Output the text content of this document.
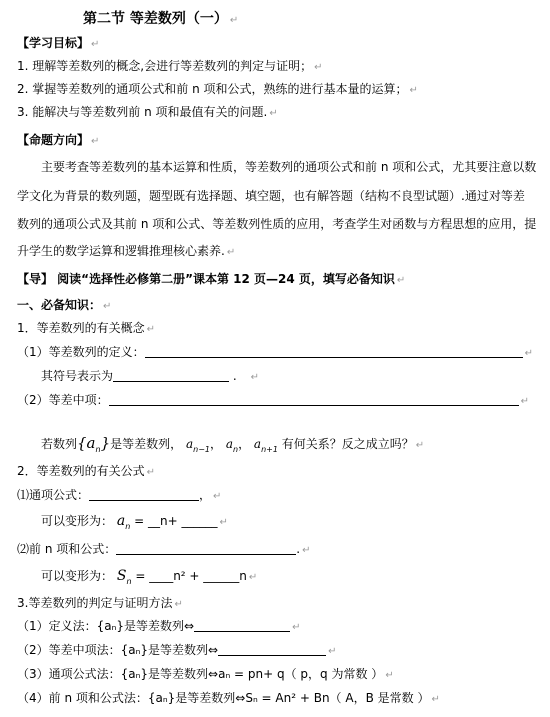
第二节 等差数列（一） ↵
【学习目标】 ↵
1. 理解等差数列的概念,会进行等差数列的判定与证明； ↵
2. 掌握等差数列的通项公式和前 n 项和公式，熟练的进行基本量的运算； ↵
3. 能解决与等差数列前 n 项和最值有关的问题. ↵
【命题方向】 ↵
主要考查等差数列的基本运算和性质，等差数列的通项公式和前 n 项和公式，尤其要注意以数
学文化为背景的数列题，题型既有选择题、填空题，也有解答题（结构不良型试题）.通过对等差
数列的通项公式及其前 n 项和公式、等差数列性质的应用，考查学生对函数与方程思想的应用，提
升学生的数学运算和逻辑推理核心素养. ↵
【导】 阅读“选择性必修第二册”课本第 12 页—24 页，填写必备知识 ↵
一、必备知识： ↵
1．等差数列的有关概念 ↵
（1）等差数列的定义：	↵
其符号表示为	. ↵
（2）等差中项：	↵
若数列$\{a_n\}$是等差数列， $a_{n-1}$， $a_n$， $a_{n+1}$ 有何关系？反之成立吗？ ↵
2．等差数列的有关公式 ↵
⑴通项公式：	， ↵
可以变形为： $a_n$ = __n+ ______ ↵
⑵前 n 项和公式：	. ↵
可以变形为： $S_n$ = ____n² + ______n ↵
3.等差数列的判定与证明方法 ↵
（1）定义法：{aₙ}是等差数列⇔	↵
（2）等差中项法：{aₙ}是等差数列⇔	↵
（3）通项公式法：{aₙ}是等差数列⇔aₙ = pn+ q（ p，q 为常数 ） ↵
（4）前 n 项和公式法：{aₙ}是等差数列⇔Sₙ = An² + Bn（ A，B 是常数 ） ↵
